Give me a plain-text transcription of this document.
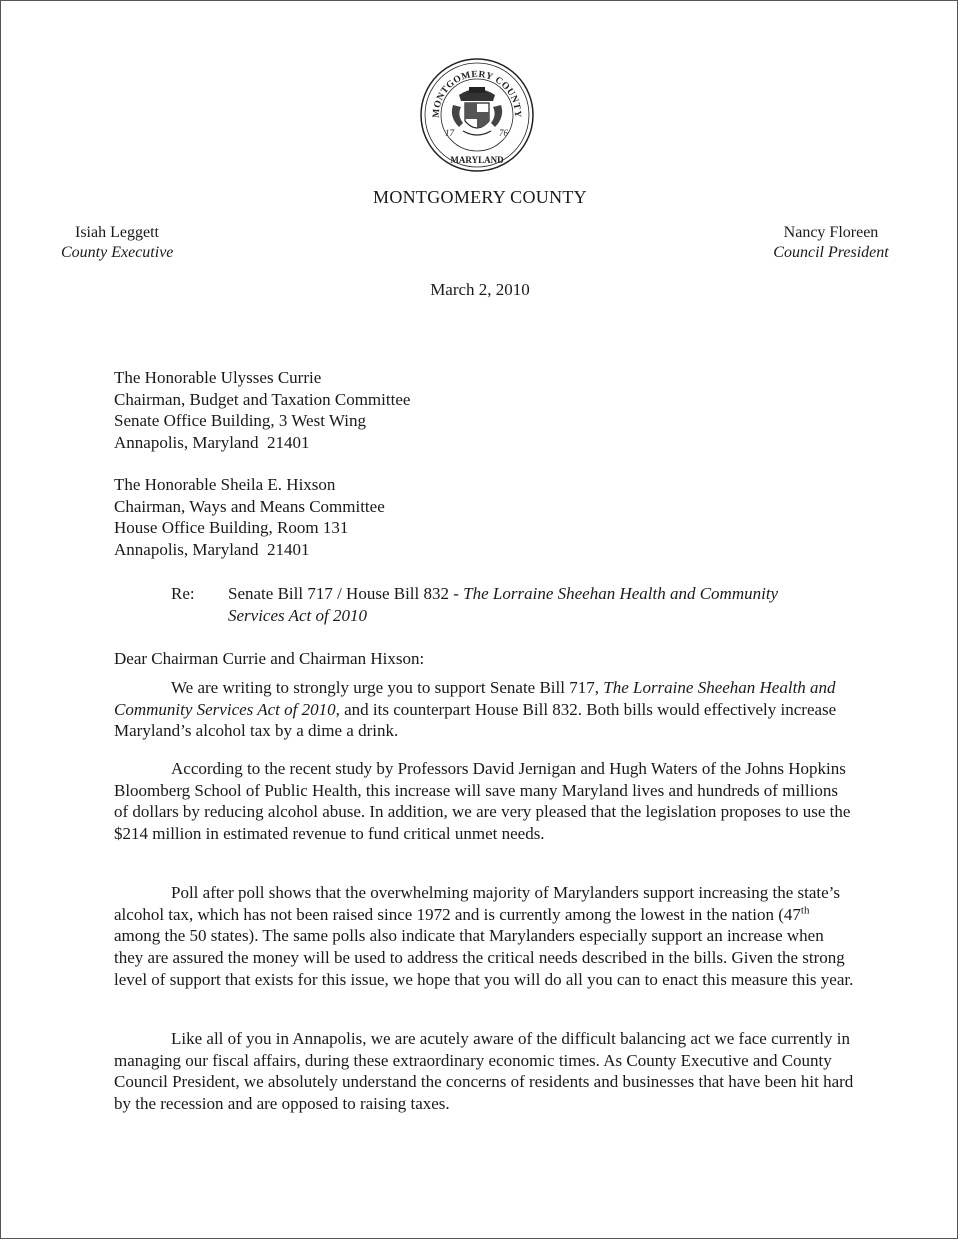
MONTGOMERY COUNTY
MARYLAND
17	76
MONTGOMERY COUNTY
Isiah Leggett
County Executive
Nancy Floreen
Council President
March 2, 2010
The Honorable Ulysses Currie
Chairman, Budget and Taxation Committee
Senate Office Building, 3 West Wing
Annapolis, Maryland  21401
The Honorable Sheila E. Hixson
Chairman, Ways and Means Committee
House Office Building, Room 131
Annapolis, Maryland  21401
Re: Senate Bill 717 / House Bill 832 - The Lorraine Sheehan Health and Community Services Act of 2010
Dear Chairman Currie and Chairman Hixson:

We are writing to strongly urge you to support Senate Bill 717, The Lorraine Sheehan Health and Community Services Act of 2010, and its counterpart House Bill 832. Both bills would effectively increase Maryland’s alcohol tax by a dime a drink.

According to the recent study by Professors David Jernigan and Hugh Waters of the Johns Hopkins Bloomberg School of Public Health, this increase will save many Maryland lives and hundreds of millions of dollars by reducing alcohol abuse. In addition, we are very pleased that the legislation proposes to use the $214 million in estimated revenue to fund critical unmet needs.

Poll after poll shows that the overwhelming majority of Marylanders support increasing the state’s alcohol tax, which has not been raised since 1972 and is currently among the lowest in the nation (47th among the 50 states). The same polls also indicate that Marylanders especially support an increase when they are assured the money will be used to address the critical needs described in the bills. Given the strong level of support that exists for this issue, we hope that you will do all you can to enact this measure this year.

Like all of you in Annapolis, we are acutely aware of the difficult balancing act we face currently in managing our fiscal affairs, during these extraordinary economic times. As County Executive and County Council President, we absolutely understand the concerns of residents and businesses that have been hit hard by the recession and are opposed to raising taxes.
